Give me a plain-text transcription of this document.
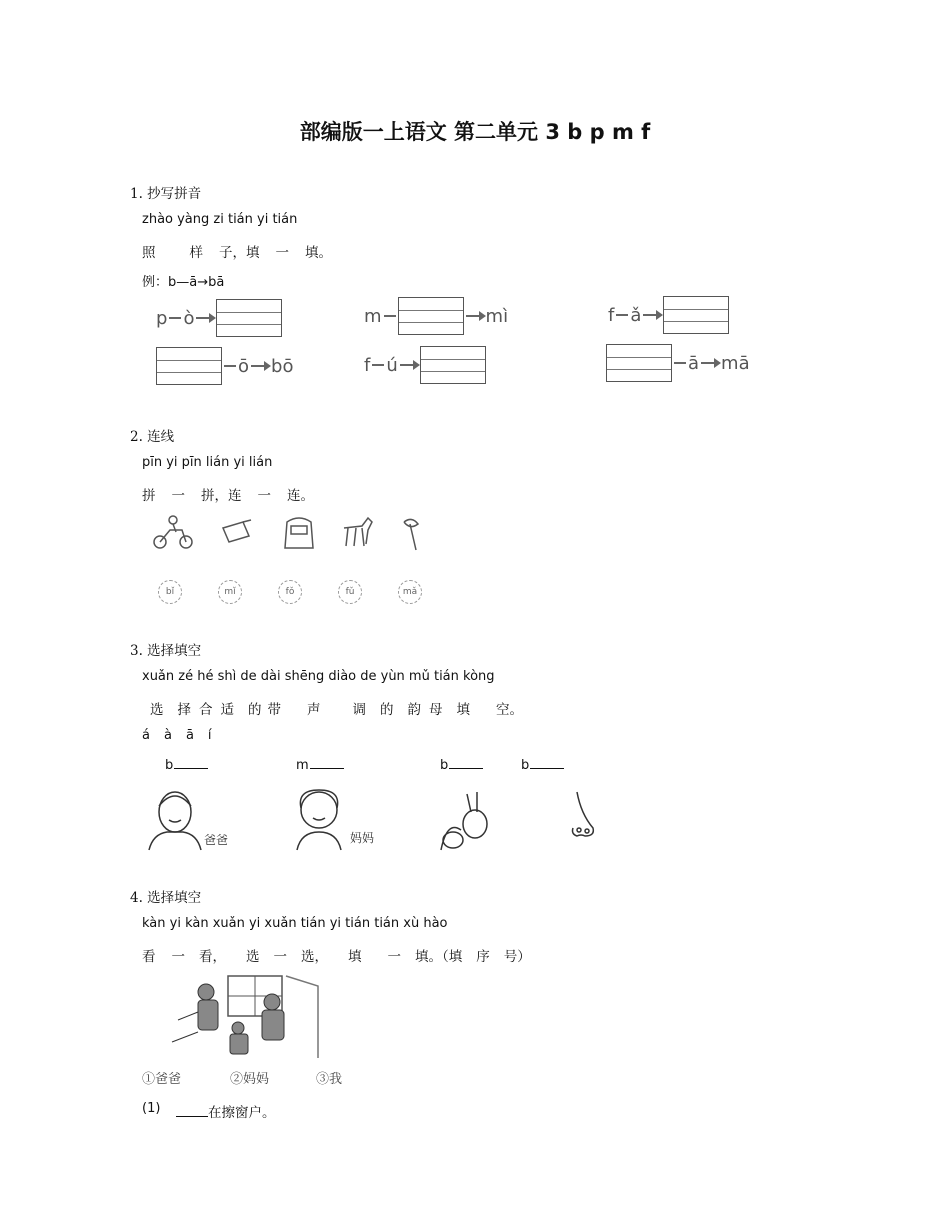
部编版一上语文 第二单元 3 b p m f
1. 抄写拼音
zhào yàng zi tián yi tián
照	样 子，填 一 填。
例：b—ā→bā
p ò	m	mì	f ǎ
ō bō	f ú	ā mā
2. 连线
pīn yi pīn lián yi lián
拼 一 拼，连 一 连。
bǐ	mǐ	fǒ	fǔ	mǎ
3. 选择填空
xuǎn zé hé shì de dài shēng diào de yùn mǔ tián kòng
选 择 合 适 的 带 声 调 的 韵 母 填 空。
á à ā í
b	m	b	b
爸爸	妈妈
4. 选择填空
kàn yi kàn xuǎn yi xuǎn tián yi tián tián xù hào
看 一 看， 选 一 选， 填 一 填。（填 序 号）
①爸爸	②妈妈	③我
(1)	在擦窗户。
